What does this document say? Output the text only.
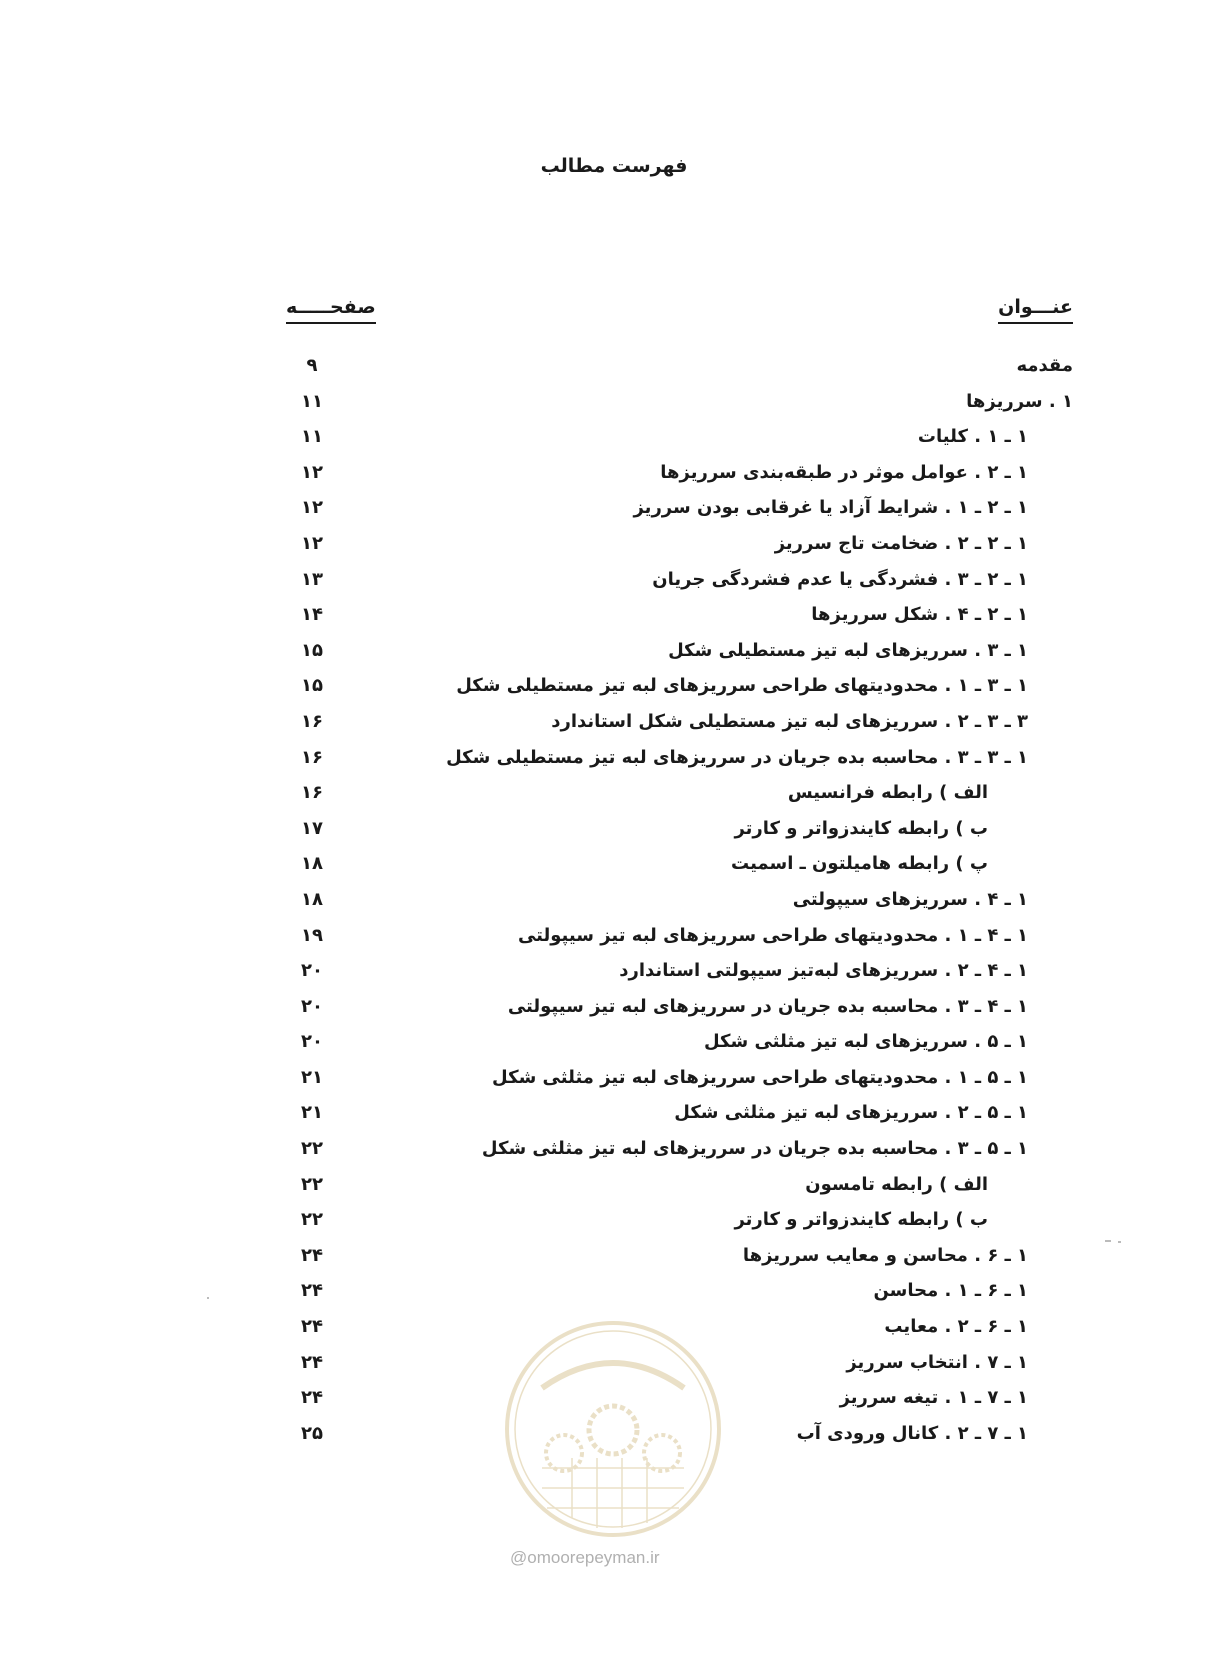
فهرست مطالب
عنـــوان
صفحـــــه
مقدمه
۹
۱ . سرریزها
۱۱
۱ ـ ۱ . کلیات
۱۱
۱ ـ ۲ . عوامل موثر در طبقه‌بندی سرریزها
۱۲
۱ ـ ۲ ـ ۱ . شرایط آزاد یا غرقابی بودن سرریز
۱۲
۱ ـ ۲ ـ ۲ . ضخامت تاج سرریز
۱۲
۱ ـ ۲ ـ ۳ . فشردگی یا عدم فشردگی جریان
۱۳
۱ ـ ۲ ـ ۴ . شکل سرریزها
۱۴
۱ ـ ۳ . سرریزهای لبه تیز مستطیلی شکل
۱۵
۱ ـ ۳ ـ ۱ . محدودیتهای طراحی سرریزهای لبه تیز مستطیلی شکل
۱۵
۳ ـ ۳ ـ ۲ . سرریزهای لبه تیز مستطیلی شکل استاندارد
۱۶
۱ ـ ۳ ـ ۳ . محاسبه بده جریان در سرریزهای لبه تیز مستطیلی شکل
۱۶
الف ) رابطه فرانسیس
۱۶
ب ) رابطه کایندزواتر و کارتر
۱۷
پ ) رابطه هامیلتون ـ اسمیت
۱۸
۱ ـ ۴ . سرریزهای سیپولتی
۱۸
۱ ـ ۴ ـ ۱ . محدودیتهای طراحی سرریزهای لبه تیز سیپولتی
۱۹
۱ ـ ۴ ـ ۲ . سرریزهای لبه‌تیز سیپولتی استاندارد
۲۰
۱ ـ ۴ ـ ۳ . محاسبه بده جریان در سرریزهای لبه تیز سیپولتی
۲۰
۱ ـ ۵ . سرریزهای لبه تیز مثلثی شکل
۲۰
۱ ـ ۵ ـ ۱ . محدودیتهای طراحی سرریزهای لبه تیز مثلثی شکل
۲۱
۱ ـ ۵ ـ ۲ . سرریزهای لبه تیز مثلثی شکل
۲۱
۱ ـ ۵ ـ ۳ . محاسبه بده جریان در سرریزهای لبه تیز مثلثی شکل
۲۲
الف ) رابطه تامسون
۲۲
ب ) رابطه کایندزواتر و کارتر
۲۲
۱ ـ ۶ . محاسن و معایب سرریزها
۲۴
۱ ـ ۶ ـ ۱ . محاسن
۲۴
۱ ـ ۶ ـ ۲ . معایب
۲۴
۱ ـ ۷ . انتخاب سرریز
۲۴
۱ ـ ۷ ـ ۱ . تیغه سرریز
۲۴
۱ ـ ۷ ـ ۲ . کانال ورودی آب
۲۵
@omoorepeyman.ir
